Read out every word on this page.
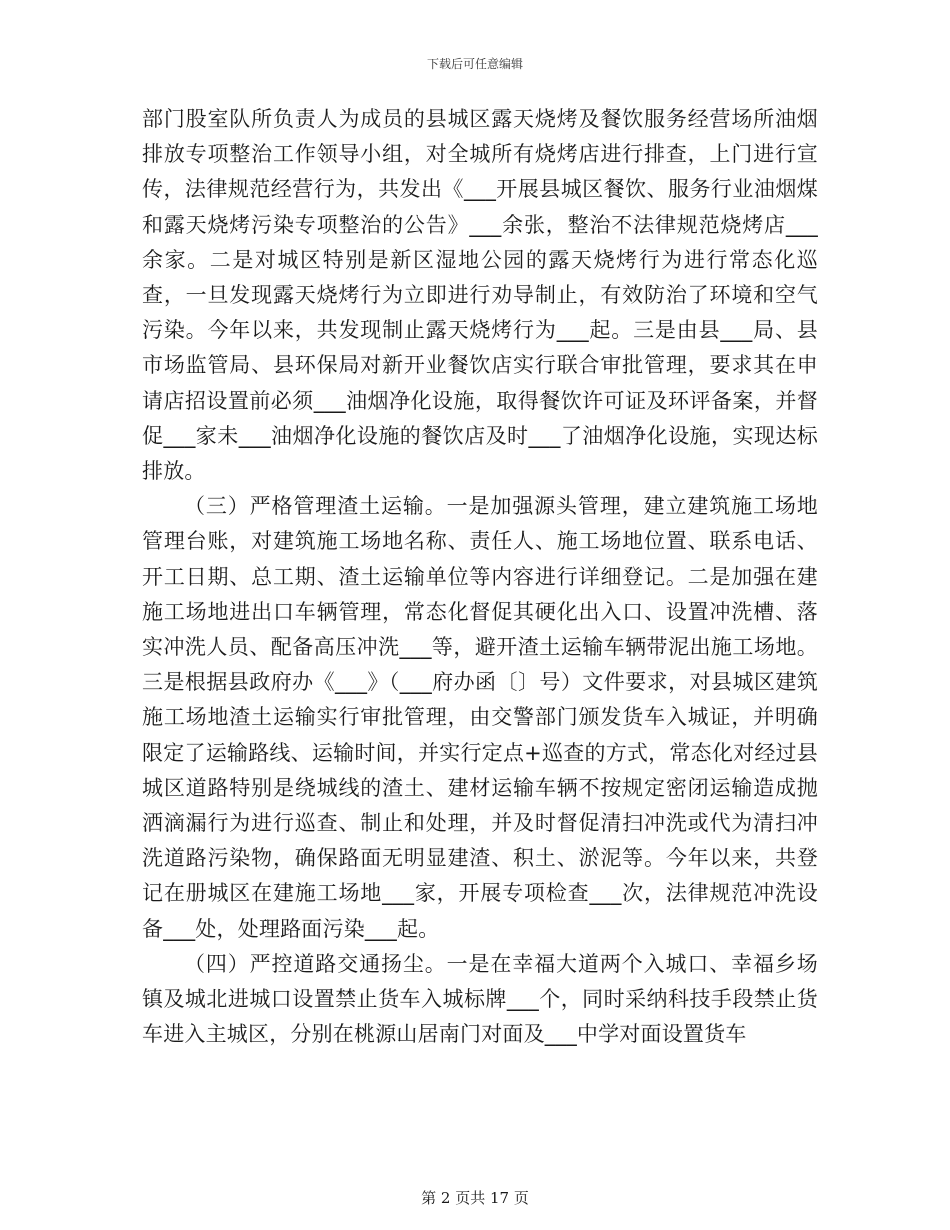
下载后可任意编辑

部门股室队所负责人为成员的县城区露天烧烤及餐饮服务经营场所油烟排放专项整治工作领导小组，对全城所有烧烤店进行排查，上门进行宣传，法律规范经营行为，共发出《___开展县城区餐饮、服务行业油烟煤和露天烧烤污染专项整治的公告》___余张，整治不法律规范烧烤店___余家。二是对城区特别是新区湿地公园的露天烧烤行为进行常态化巡查，一旦发现露天烧烤行为立即进行劝导制止，有效防治了环境和空气污染。今年以来，共发现制止露天烧烤行为___起。三是由县___局、县市场监管局、县环保局对新开业餐饮店实行联合审批管理，要求其在申请店招设置前必须___油烟净化设施，取得餐饮许可证及环评备案，并督促___家未___油烟净化设施的餐饮店及时___了油烟净化设施，实现达标排放。

（三）严格管理渣土运输。一是加强源头管理，建立建筑施工场地管理台账，对建筑施工场地名称、责任人、施工场地位置、联系电话、开工日期、总工期、渣土运输单位等内容进行详细登记。二是加强在建施工场地进出口车辆管理，常态化督促其硬化出入口、设置冲洗槽、落实冲洗人员、配备高压冲洗___等，避开渣土运输车辆带泥出施工场地。三是根据县政府办《___》（___府办函〔〕号）文件要求，对县城区建筑施工场地渣土运输实行审批管理，由交警部门颁发货车入城证，并明确限定了运输路线、运输时间，并实行定点+巡查的方式，常态化对经过县城区道路特别是绕城线的渣土、建材运输车辆不按规定密闭运输造成抛洒滴漏行为进行巡查、制止和处理，并及时督促清扫冲洗或代为清扫冲洗道路污染物，确保路面无明显建渣、积土、淤泥等。今年以来，共登记在册城区在建施工场地___家，开展专项检查___次，法律规范冲洗设备___处，处理路面污染___起。

（四）严控道路交通扬尘。一是在幸福大道两个入城口、幸福乡场镇及城北进城口设置禁止货车入城标牌___个，同时采纳科技手段禁止货车进入主城区，分别在桃源山居南门对面及___中学对面设置货车

第 2 页共 17 页
